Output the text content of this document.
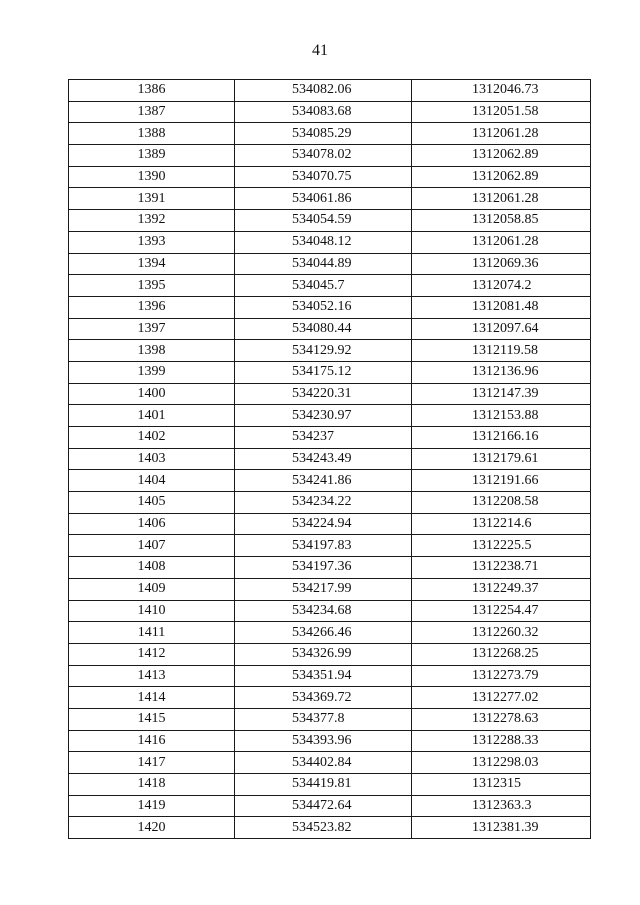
41
1386	534082.06	1312046.73
1387	534083.68	1312051.58
1388	534085.29	1312061.28
1389	534078.02	1312062.89
1390	534070.75	1312062.89
1391	534061.86	1312061.28
1392	534054.59	1312058.85
1393	534048.12	1312061.28
1394	534044.89	1312069.36
1395	534045.7	1312074.2
1396	534052.16	1312081.48
1397	534080.44	1312097.64
1398	534129.92	1312119.58
1399	534175.12	1312136.96
1400	534220.31	1312147.39
1401	534230.97	1312153.88
1402	534237	1312166.16
1403	534243.49	1312179.61
1404	534241.86	1312191.66
1405	534234.22	1312208.58
1406	534224.94	1312214.6
1407	534197.83	1312225.5
1408	534197.36	1312238.71
1409	534217.99	1312249.37
1410	534234.68	1312254.47
1411	534266.46	1312260.32
1412	534326.99	1312268.25
1413	534351.94	1312273.79
1414	534369.72	1312277.02
1415	534377.8	1312278.63
1416	534393.96	1312288.33
1417	534402.84	1312298.03
1418	534419.81	1312315
1419	534472.64	1312363.3
1420	534523.82	1312381.39
